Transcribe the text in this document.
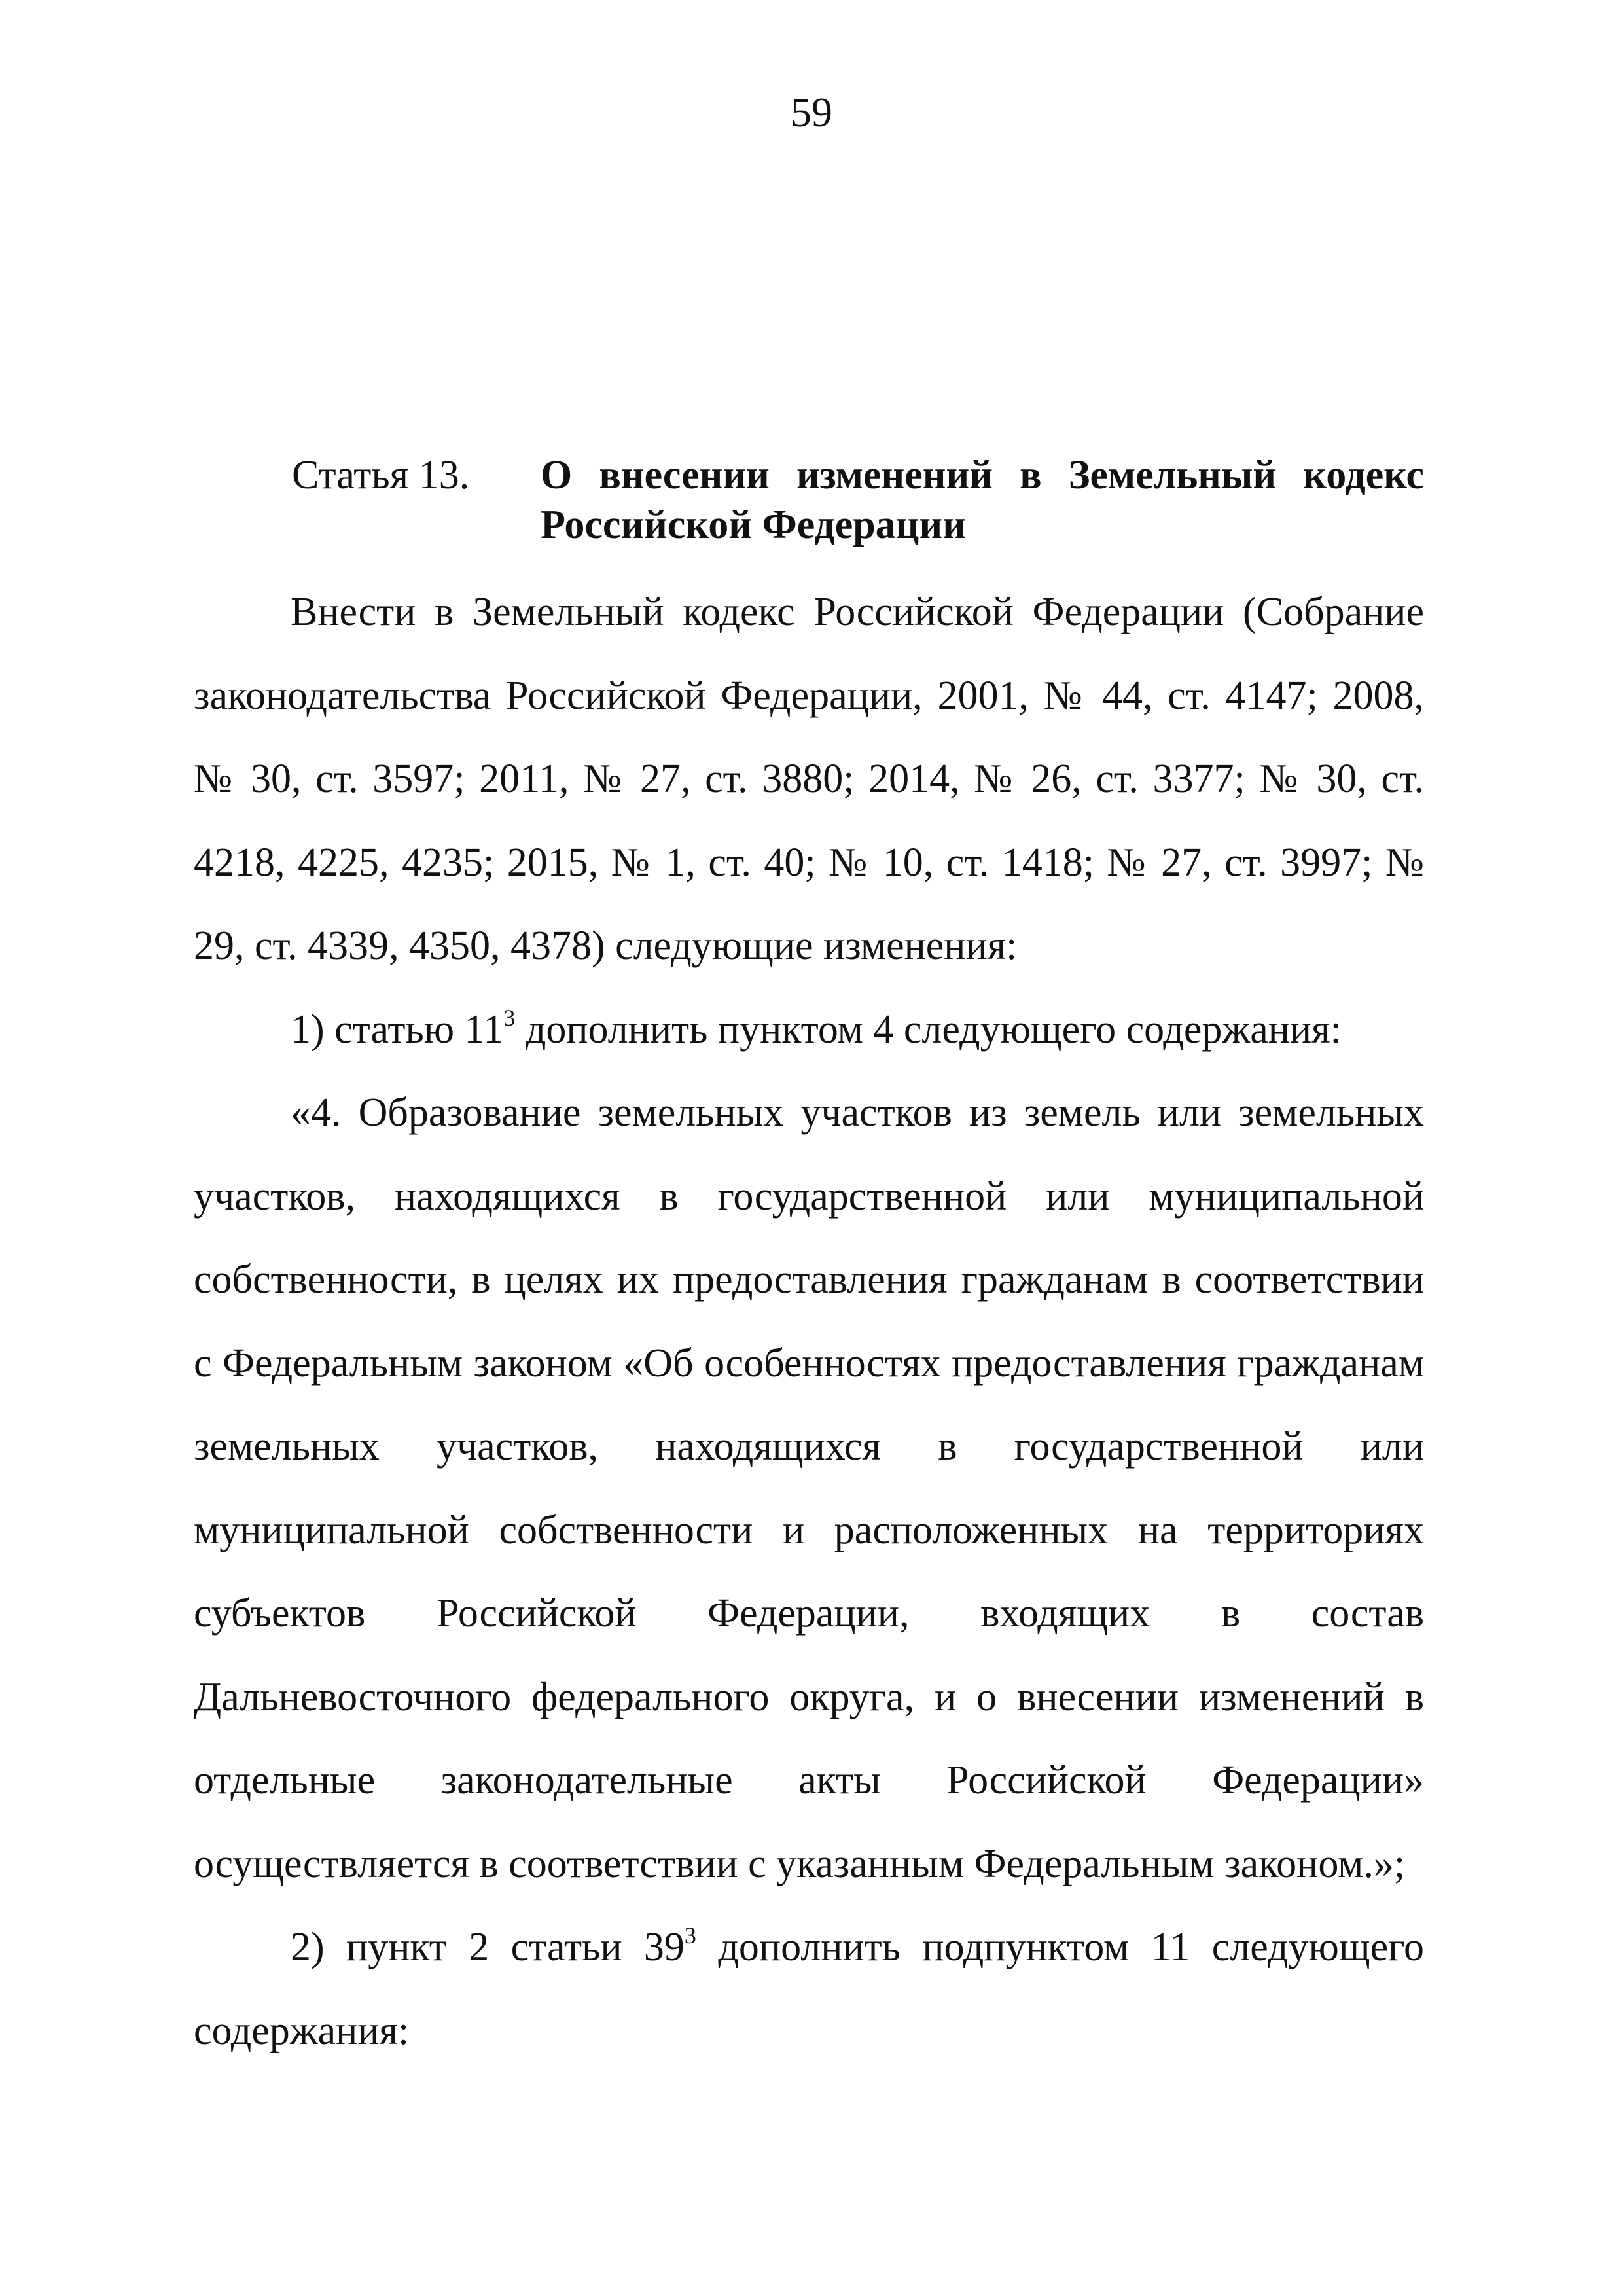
59
Статья 13.	О внесении изменений в Земельный кодекс
Российской Федерации

Внести в Земельный кодекс Российской Федерации (Собрание законодательства Российской Федерации, 2001, № 44, ст. 4147; 2008, № 30, ст. 3597; 2011, № 27, ст. 3880; 2014, № 26, ст. 3377; № 30, ст. 4218, 4225, 4235; 2015, № 1, ст. 40; № 10, ст. 1418; № 27, ст. 3997; № 29, ст. 4339, 4350, 4378) следующие изменения:

1) статью $11^3$ дополнить пунктом 4 следующего содержания:

«4. Образование земельных участков из земель или земельных участков, находящихся в государственной или муниципальной собственности, в целях их предоставления гражданам в соответствии с Федеральным законом «Об особенностях предоставления гражданам земельных участков, находящихся в государственной или муниципальной собственности и расположенных на территориях субъектов Российской Федерации, входящих в состав Дальневосточного федерального округа, и о внесении изменений в отдельные законодательные акты Российской Федерации» осуществляется в соответствии с указанным Федеральным законом.»;

2) пункт 2 статьи $39^3$ дополнить подпунктом 11 следующего содержания:
